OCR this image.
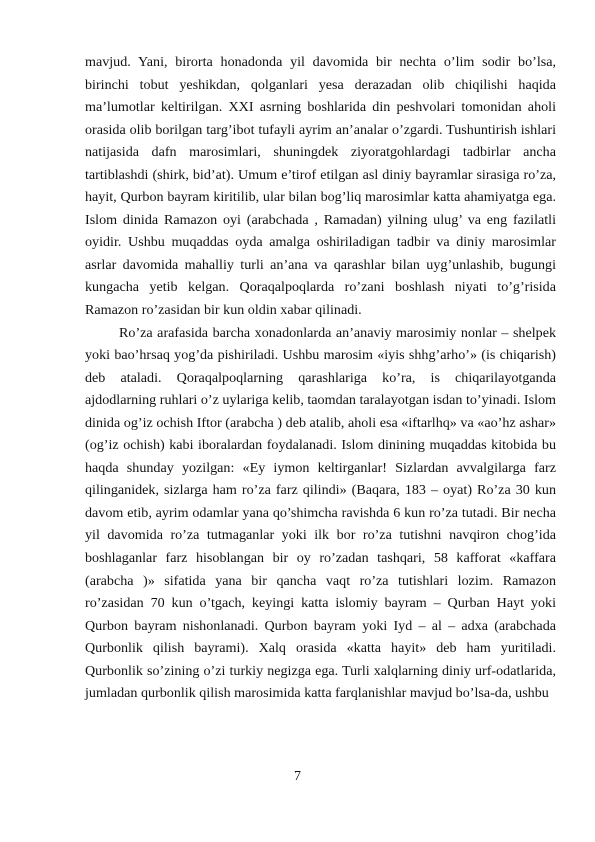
mavjud. Yani, birorta honadonda yil davomida bir nechta o’lim sodir bo’lsa, birinchi tobut yeshikdan, qolganlari yesa derazadan olib chiqilishi haqida ma’lumotlar keltirilgan. XXI asrning boshlarida din peshvolari tomonidan aholi orasida olib borilgan targ’ibot tufayli ayrim an’analar o’zgardi. Tushuntirish ishlari natijasida dafn marosimlari, shuningdek ziyoratgohlardagi tadbirlar ancha tartiblashdi (shirk, bid’at). Umum e’tirof etilgan asl diniy bayramlar sirasiga ro’za, hayit, Qurbon bayram kiritilib, ular bilan bog’liq marosimlar katta ahamiyatga ega. Islom dinida Ramazon oyi (arabchada , Ramadan) yilning ulug’ va eng fazilatli oyidir. Ushbu muqaddas oyda amalga oshiriladigan tadbir va diniy marosimlar asrlar davomida mahalliy turli an’ana va qarashlar bilan uyg’unlashib, bugungi kungacha yetib kelgan. Qoraqalpoqlarda ro’zani boshlash niyati to’g’risida Ramazon ro’zasidan bir kun oldin xabar qilinadi.

Ro’za arafasida barcha xonadonlarda an’anaviy marosimiy nonlar – shelpek yoki bao’hrsaq yog’da pishiriladi. Ushbu marosim «iyis shhg’arho’» (is chiqarish) deb ataladi. Qoraqalpoqlarning qarashlariga ko’ra, is chiqarilayotganda ajdodlarning ruhlari o’z uylariga kelib, taomdan taralayotgan isdan to’yinadi. Islom dinida og’iz ochish Iftor (arabcha ) deb atalib, aholi esa «iftarlhq» va «ao’hz ashar» (og’iz ochish) kabi iboralardan foydalanadi. Islom dinining muqaddas kitobida bu haqda shunday yozilgan: «Ey iymon keltirganlar! Sizlardan avvalgilarga farz qilinganidek, sizlarga ham ro’za farz qilindi» (Baqara, 183 – oyat) Ro’za 30 kun davom etib, ayrim odamlar yana qo’shimcha ravishda 6 kun ro’za tutadi. Bir necha yil davomida ro’za tutmaganlar yoki ilk bor ro’za tutishni navqiron chog’ida boshlaganlar farz hisoblangan bir oy ro’zadan tashqari, 58 kafforat «kaffara (arabcha )» sifatida yana bir qancha vaqt ro’za tutishlari lozim. Ramazon ro’zasidan 70 kun o’tgach, keyingi katta islomiy bayram – Qurban Hayt yoki Qurbon bayram nishonlanadi. Qurbon bayram yoki Iyd – al – adxa (arabchada Qurbonlik qilish bayrami). Xalq orasida «katta hayit» deb ham yuritiladi. Qurbonlik so’zining o’zi turkiy negizga ega. Turli xalqlarning diniy urf-odatlarida, jumladan qurbonlik qilish marosimida katta farqlanishlar mavjud bo’lsa-da, ushbu

7
